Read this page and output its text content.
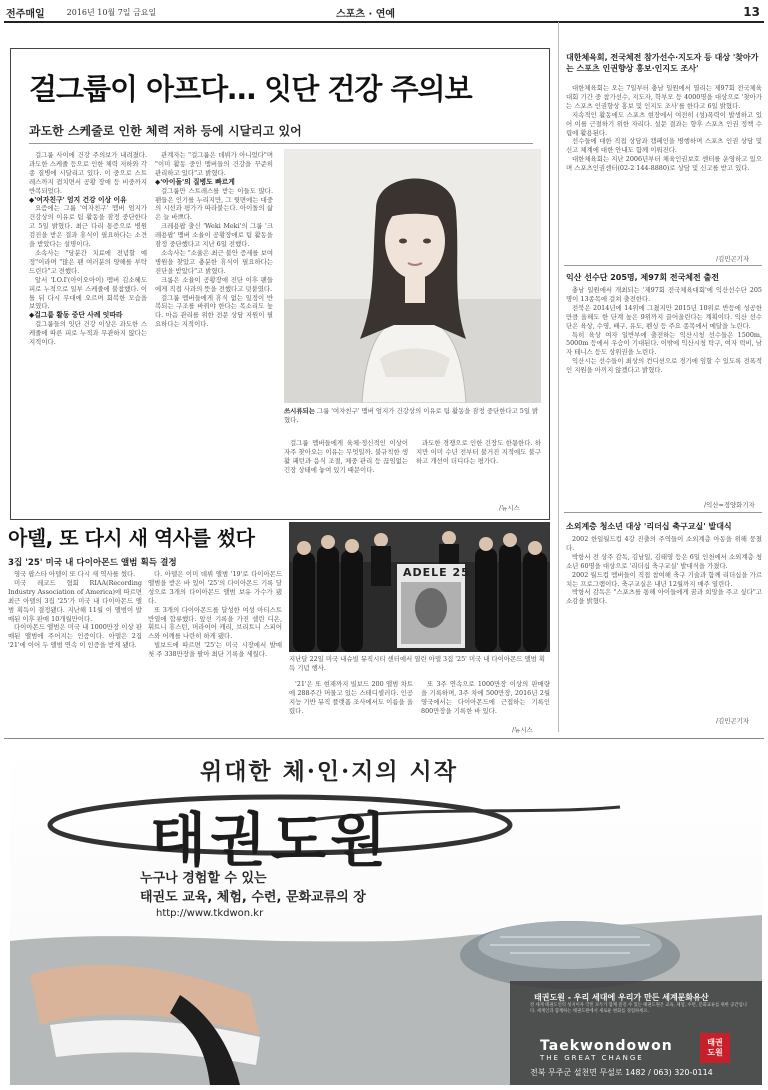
전주매일	2016년 10월 7일 금요일	스포츠 · 연예	13
걸그룹이 아프다… 잇단 건강 주의보
과도한 스케줄로 인한 체력 저하 등에 시달리고 있어

걸그룹 사이에 건강 주의보가 내려졌다. 과도한 스케줄 등으로 인한 체력 저하와 각종 질병에 시달리고 있다. 이 중으로 스트레스까지 겹치면서 공황 장애 등 비중까지 반복되었다.

◆'여자친구' 엄지 건강 이상 이유

요즘에는 그룹 '여자친구' 멤버 엄지가 건강상의 이유로 팀 활동을 잠정 중단한다고 5일 밝혔다. 최근 다리 통증으로 병원 검진을 받은 결과 휴식이 필요하다는 소견을 받았다는 설명이다.

소속사는 "당분간 치료에 전념할 예정"이라며 "많은 팬 여러분의 양해를 부탁드린다"고 전했다.

앞서 'I.O.I'(아이오아이) 멤버 김소혜도 피로 누적으로 일부 스케줄에 불참했다. 이틀 뒤 다시 무대에 오르며 회복한 모습을 보였다.

◆걸그룹 활동 중단 사례 잇따라

걸그룹들의 잇단 건강 이상은 과도한 스케줄에 따른 피로 누적과 무관하지 않다는 지적이다.

관계자는 "걸그룹은 데뷔가 아니었다"며 "이미 활동 중인 멤버들의 건강을 꾸준히 관리하고 있다"고 밝혔다.

◆'아이돌'의 질병도 빠르게

걸그룹만 스트레스를 받는 이들도 많다. 팬들은 인기를 누리지만, 그 뒷면에는 대중의 시선과 평가가 따라붙는다. 아이돌의 삶은 늘 바쁘다.

크레용팝 출신 'Weki Meki'의 그룹 '크레용팝' 멤버 소율이 공황장애로 팀 활동을 잠정 중단했다고 지난 6일 전했다.

소속사는 "소율은 최근 불안 증세를 보여 병원을 찾았고 충분한 휴식이 필요하다는 진단을 받았다"고 밝혔다.

크롬은 소율이 공황장애 진단 이후 팬들에게 직접 사과의 뜻을 전했다고 덧붙였다.

걸그룹 멤버들에게 휴식 없는 일정이 반복되는 구조를 바꿔야 한다는 목소리도 높다. 마음 관리를 위한 전문 상담 지원이 필요하다는 지적이다.

쓰시류되는 그룹 '여자친구' 멤버 엄지가 건강상의 이유로 팀 활동을 잠정 중단한다고 5일 밝혔다.

걸그룹 멤버들에게 육체·정신적인 이상이 자주 찾아오는 이유는 무엇일까. 불규칙한 생활 패턴과 음식 조절, 체중 관리 등 끊임없는 긴장 상태에 놓여 있기 때문이다.

과도한 경쟁으로 인한 긴장도 한몫한다. 하지만 이미 수년 전부터 불거진 지적에도 불구하고 개선이 더디다는 평가다.

/뉴시스
아델, 또 다시 새 역사를 썼다
3집 '25' 미국 내 다이아몬드 앨범 획득 결정

영국 팝스타 아델이 또 다시 새 역사를 썼다.

미국 레코드 협회 RIAA(Recording Industry Association of America)에 따르면 최근 아델의 3집 '25'가 미국 내 다이아몬드 앨범 획득이 결정됐다. 지난해 11월 이 앨범이 발매된 이후 판매 10개월만이다.

다이아몬드 앨범은 미국 내 1000만장 이상 판매된 앨범에 주어지는 인증이다. 아델은 2집 '21'에 이어 두 앨범 연속 이 인증을 받게 됐다.

다. 아델은 이미 데뷔 앨범 '19'로 다이아몬드 앨범을 받은 바 있어 '25'의 다이아몬드 기록 달성으로 3개의 다이아몬드 앨범 보유 가수가 됐다.

또 3개의 다이아몬드를 달성한 여성 아티스트 반열에 합류했다. 앞선 기록을 가진 셀린 디온, 휘트니 휴스턴, 머라이어 캐리, 브리트니 스피어스와 어깨를 나란히 하게 됐다.

빌보드에 따르면 '25'는 미국 시장에서 발매 첫 주 338만장을 팔아 최단 기록을 세웠다.

ADELE 25
지난달 22일 미국 내슈빌 뮤직시티 센터에서 열린 아델 3집 '25' 미국 내 다이아몬드 앨범 획득 기념 행사.

'21'은 또 현재까지 빌보드 200 앨범 차트에 288주간 머물고 있는 스테디셀러다. 인공지능 기반 뮤직 플랫폼 조사에서도 이름을 올렸다.

또 3주 연속으로 1000만장 이상의 판매량을 기록하며, 3주 차에 500만장, 2016년 2월 영국에서는 다이아몬드에 근접하는 기록인 800만장을 기록한 바 있다.

/뉴시스
대한체육회, 전국체전 참가선수·지도자 등 대상 '찾아가는 스포츠 인권향상 홍보·인지도 조사'

대한체육회는 오는 7일부터 충남 일원에서 열리는 제97회 전국체육대회 기간 중 참가선수, 지도자, 학부모 등 4000명을 대상으로 '찾아가는 스포츠 인권향상 홍보 및 인지도 조사'를 한다고 6일 밝혔다.

지속적인 활동에도 스포츠 현장에서 여전히 (성)폭력이 발생하고 있어 이를 근절하기 위한 자리다. 설문 결과는 향후 스포츠 인권 정책 수립에 활용된다.

선수들에 대한 직접 상담과 캠페인을 병행하며 스포츠 인권 상담 및 신고 체계에 대한 안내도 함께 이뤄진다.

대한체육회는 지난 2006년부터 체육인권보호 센터를 운영하고 있으며 스포츠인권센터(02-2 144-8880)로 상담 및 신고를 받고 있다.

/김민곤기자
익산 선수단 205명, 제97회 전국체전 출전

충남 일원에서 개최되는 '제97회 전국체육대회'에 익산선수단 205명이 13종목에 걸쳐 출전한다.

전북은 2014년에 14위에 그쳤지만 2015년 10위로 반등에 성공한 만큼 올해도 한 단계 높은 9위까지 끌어올린다는 계획이다. 익산 선수단은 육상, 수영, 배구, 유도, 펜싱 등 주요 종목에서 메달을 노린다.

특히 육상 여자 일반부에 출전하는 익산시청 선수들은 1500m, 5000m 등에서 우승이 기대된다. 이밖에 익산시청 탁구, 여자 럭비, 남자 테니스 등도 상위권을 노린다.

익산시는 선수들이 최상의 컨디션으로 경기에 임할 수 있도록 전폭적인 지원을 아끼지 않겠다고 밝혔다.

/익산=정양화기자
소외계층 청소년 대상 '리더십 축구교실' 발대식

2002 한일월드컵 4강 진출의 주역들이 소외계층 아동을 위해 뭉쳤다.

박항서 전 상주 감독, 김남일, 김태영 등은 6일 인천에서 소외계층 청소년 60명을 대상으로 '리더십 축구교실' 발대식을 가졌다.

2002 월드컵 멤버들이 직접 참여해 축구 기술과 함께 리더십을 가르치는 프로그램이다. 축구교실은 내년 12월까지 매주 열린다.

박항서 감독은 "스포츠를 통해 아이들에게 꿈과 희망을 주고 싶다"고 소감을 밝혔다.

/김민곤기자
위대한 체·인·지의 시작
태권도원
누구나 경험할 수 있는
태권도 교육, 체험, 수련, 문화교류의 장
http://www.tkdwon.kr
태권도원 - 우리 세대에 우리가 만든 세계문화유산
전 세계 태권도인의 성지이자 국민 모두가 함께 즐길 수 있는 태권도원은 교육, 체험, 수련, 문화교류를 위한 공간입니다. 세계인과 함께하는 태권도원에서 새로운 변화를 경험하세요.
Taekwondowon
THE GREAT CHANGE
태권
도원
전북 무주군 설천면 무설로 1482 / 063) 320-0114
